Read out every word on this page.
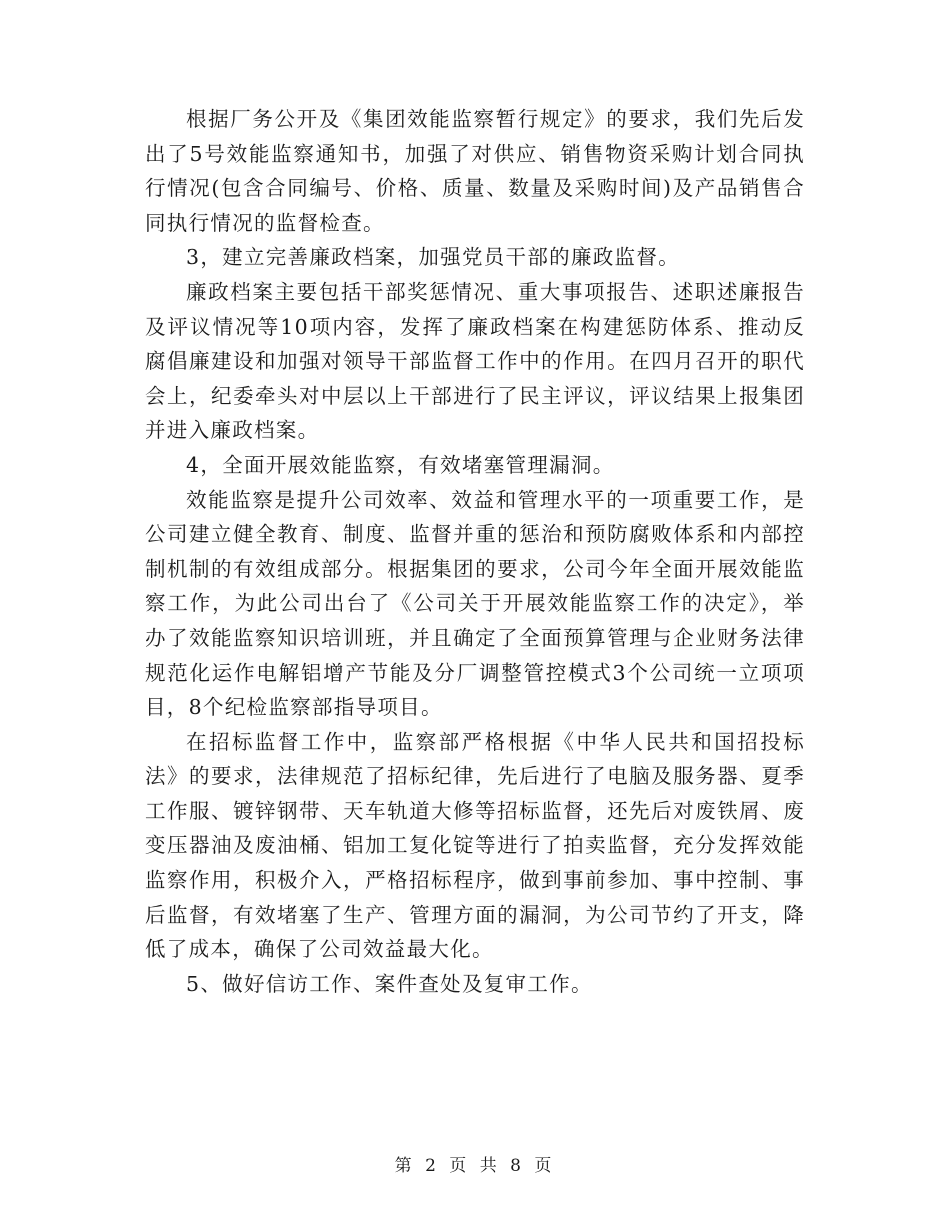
根据厂务公开及《集团效能监察暂行规定》的要求，我们先后发出了5号效能监察通知书，加强了对供应、销售物资采购计划合同执行情况(包含合同编号、价格、质量、数量及采购时间)及产品销售合同执行情况的监督检查。

3，建立完善廉政档案，加强党员干部的廉政监督。

廉政档案主要包括干部奖惩情况、重大事项报告、述职述廉报告及评议情况等10项内容，发挥了廉政档案在构建惩防体系、推动反腐倡廉建设和加强对领导干部监督工作中的作用。在四月召开的职代会上，纪委牵头对中层以上干部进行了民主评议，评议结果上报集团并进入廉政档案。

4，全面开展效能监察，有效堵塞管理漏洞。

效能监察是提升公司效率、效益和管理水平的一项重要工作，是公司建立健全教育、制度、监督并重的惩治和预防腐败体系和内部控制机制的有效组成部分。根据集团的要求，公司今年全面开展效能监察工作，为此公司出台了《公司关于开展效能监察工作的决定》，举办了效能监察知识培训班，并且确定了全面预算管理与企业财务法律规范化运作电解铝增产节能及分厂调整管控模式3个公司统一立项项目，8个纪检监察部指导项目。

在招标监督工作中，监察部严格根据《中华人民共和国招投标法》的要求，法律规范了招标纪律，先后进行了电脑及服务器、夏季工作服、镀锌钢带、天车轨道大修等招标监督，还先后对废铁屑、废变压器油及废油桶、铝加工复化锭等进行了拍卖监督，充分发挥效能监察作用，积极介入，严格招标程序，做到事前参加、事中控制、事后监督，有效堵塞了生产、管理方面的漏洞，为公司节约了开支，降低了成本，确保了公司效益最大化。

5、做好信访工作、案件查处及复审工作。

第 2 页 共 8 页
